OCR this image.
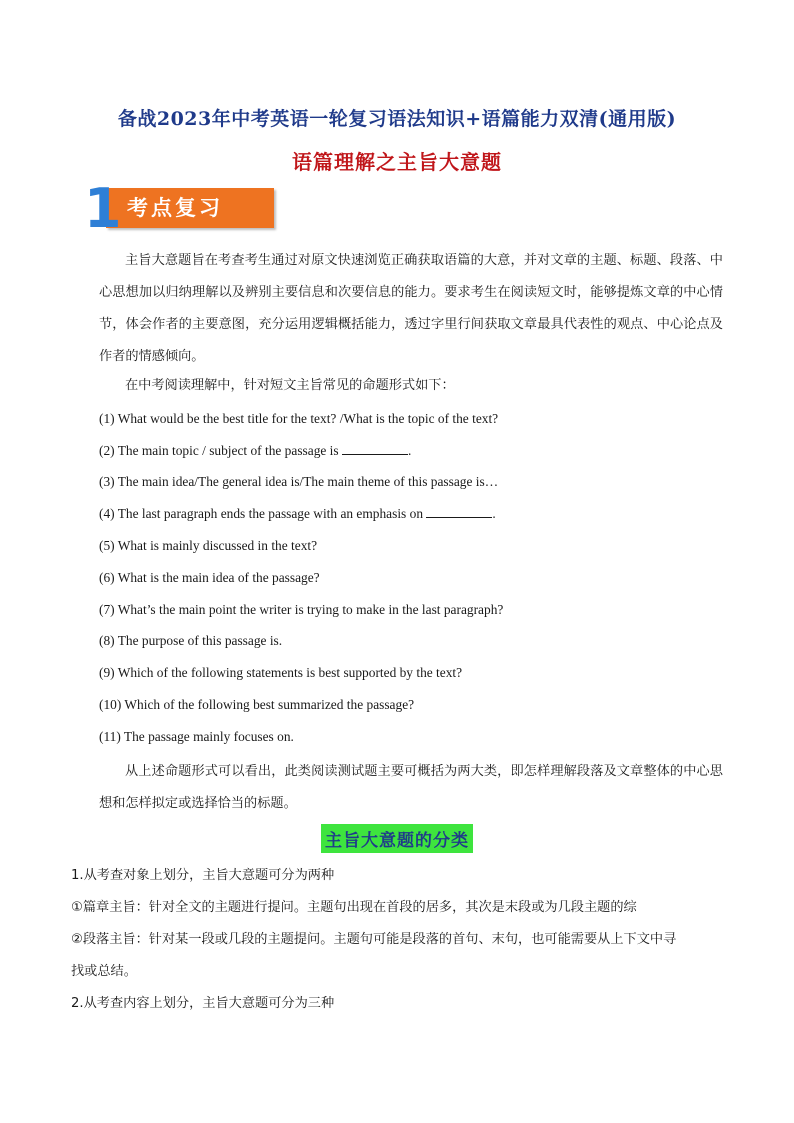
备战2023年中考英语一轮复习语法知识+语篇能力双清(通用版)
语篇理解之主旨大意题
考点复习
1
主旨大意题旨在考查考生通过对原文快速浏览正确获取语篇的大意，并对文章的主题、标题、段落、中心思想加以归纳理解以及辨别主要信息和次要信息的能力。要求考生在阅读短文时，能够提炼文章的中心情节，体会作者的主要意图，充分运用逻辑概括能力，透过字里行间获取文章最具代表性的观点、中心论点及作者的情感倾向。
在中考阅读理解中，针对短文主旨常见的命题形式如下：
(1) What would be the best title for the text? /What is the topic of the text?
(2) The main topic / subject of the passage is	.
(3) The main idea/The general idea is/The main theme of this passage is…
(4) The last paragraph ends the passage with an emphasis on	.
(5) What is mainly discussed in the text?
(6) What is the main idea of the passage?
(7) What’s the main point the writer is trying to make in the last paragraph?
(8) The purpose of this passage is.
(9) Which of the following statements is best supported by the text?
(10) Which of the following best summarized the passage?
(11) The passage mainly focuses on.
从上述命题形式可以看出，此类阅读测试题主要可概括为两大类，即怎样理解段落及文章整体的中心思想和怎样拟定或选择恰当的标题。
主旨大意题的分类
1.从考查对象上划分，主旨大意题可分为两种
①篇章主旨：针对全文的主题进行提问。主题句出现在首段的居多，其次是末段或为几段主题的综
②段落主旨：针对某一段或几段的主题提问。主题句可能是段落的首句、末句，也可能需要从上下文中寻
找或总结。
2.从考查内容上划分，主旨大意题可分为三种
